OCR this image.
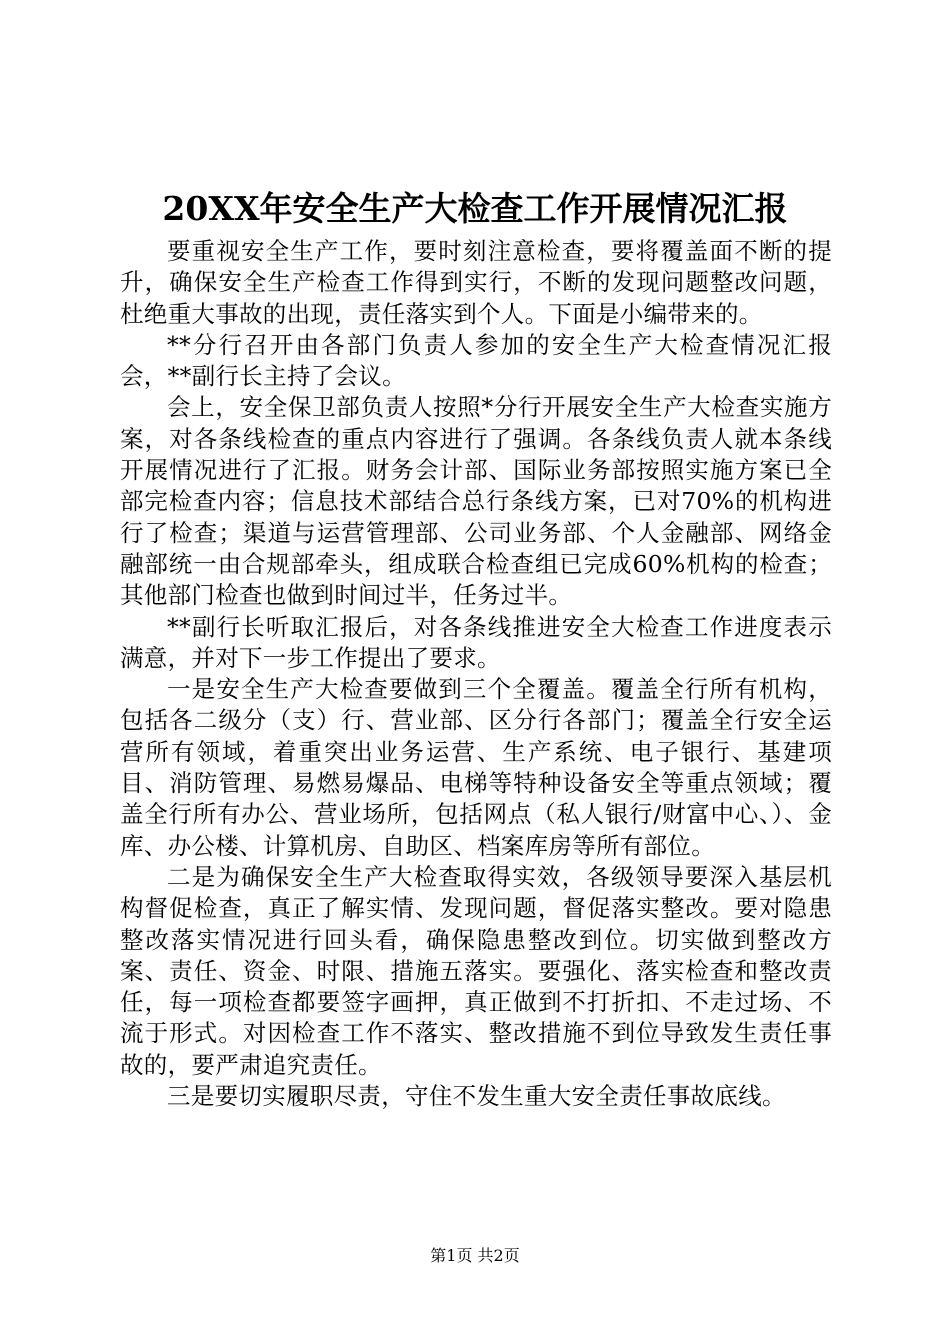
20XX年安全生产大检查工作开展情况汇报

要重视安全生产工作，要时刻注意检查，要将覆盖面不断的提升，确保安全生产检查工作得到实行，不断的发现问题整改问题，杜绝重大事故的出现，责任落实到个人。下面是小编带来的。

**分行召开由各部门负责人参加的安全生产大检查情况汇报会，**副行长主持了会议。

会上，安全保卫部负责人按照*分行开展安全生产大检查实施方案，对各条线检查的重点内容进行了强调。各条线负责人就本条线开展情况进行了汇报。财务会计部、国际业务部按照实施方案已全部完检查内容；信息技术部结合总行条线方案，已对70%的机构进行了检查；渠道与运营管理部、公司业务部、个人金融部、网络金融部统一由合规部牵头，组成联合检查组已完成60%机构的检查；其他部门检查也做到时间过半，任务过半。

**副行长听取汇报后，对各条线推进安全大检查工作进度表示满意，并对下一步工作提出了要求。

一是安全生产大检查要做到三个全覆盖。覆盖全行所有机构，包括各二级分（支）行、营业部、区分行各部门；覆盖全行安全运营所有领域，着重突出业务运营、生产系统、电子银行、基建项目、消防管理、易燃易爆品、电梯等特种设备安全等重点领域；覆盖全行所有办公、营业场所，包括网点（私人银行/财富中心、）、金库、办公楼、计算机房、自助区、档案库房等所有部位。

二是为确保安全生产大检查取得实效，各级领导要深入基层机构督促检查，真正了解实情、发现问题，督促落实整改。要对隐患整改落实情况进行回头看，确保隐患整改到位。切实做到整改方案、责任、资金、时限、措施五落实。要强化、落实检查和整改责任，每一项检查都要签字画押，真正做到不打折扣、不走过场、不流于形式。对因检查工作不落实、整改措施不到位导致发生责任事故的，要严肃追究责任。

三是要切实履职尽责，守住不发生重大安全责任事故底线。

第1页 共2页
